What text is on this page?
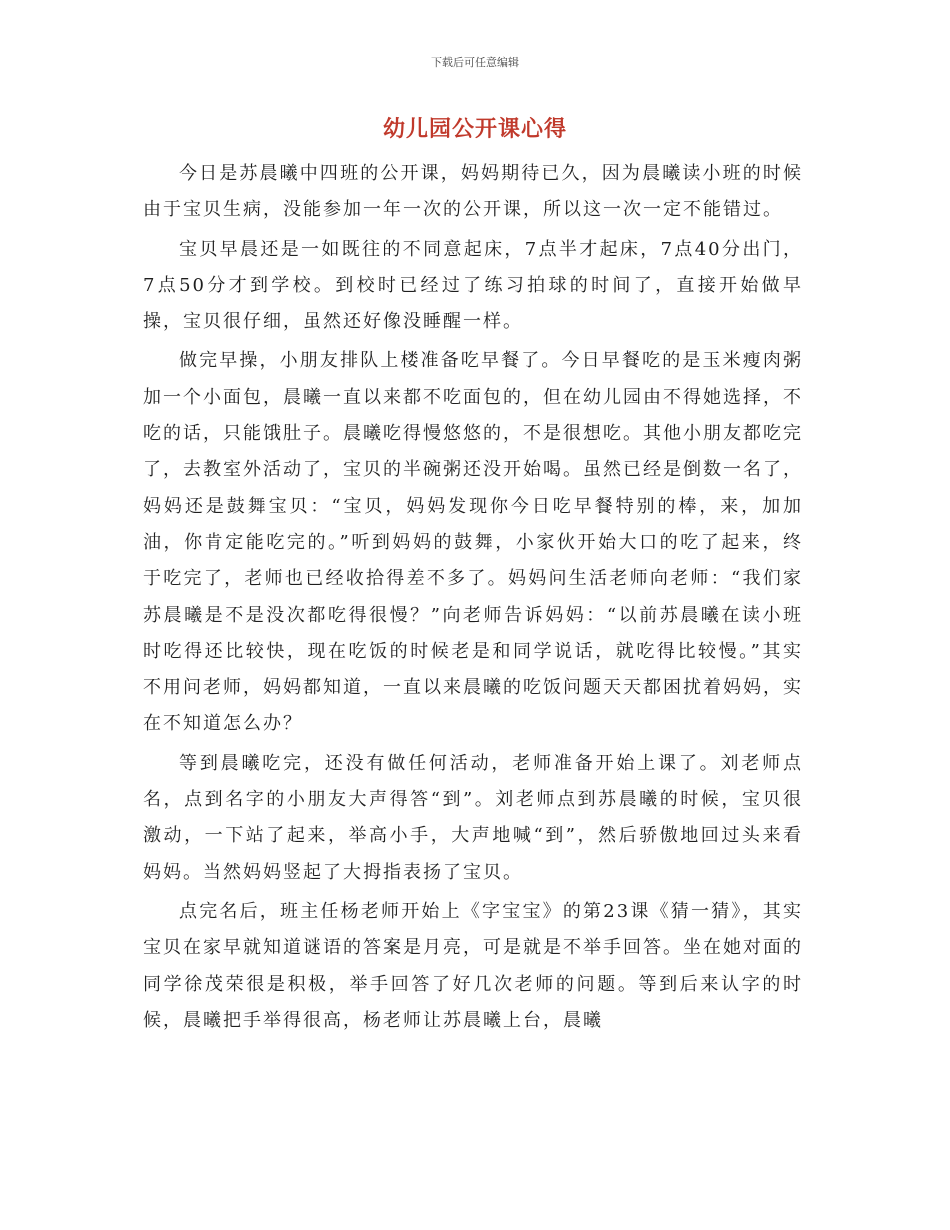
下载后可任意编辑
幼儿园公开课心得

今日是苏晨曦中四班的公开课，妈妈期待已久，因为晨曦读小班的时候由于宝贝生病，没能参加一年一次的公开课，所以这一次一定不能错过。

宝贝早晨还是一如既往的不同意起床，7点半才起床，7点40分出门，7点50分才到学校。到校时已经过了练习拍球的时间了，直接开始做早操，宝贝很仔细，虽然还好像没睡醒一样。

做完早操，小朋友排队上楼准备吃早餐了。今日早餐吃的是玉米瘦肉粥加一个小面包，晨曦一直以来都不吃面包的，但在幼儿园由不得她选择，不吃的话，只能饿肚子。晨曦吃得慢悠悠的，不是很想吃。其他小朋友都吃完了，去教室外活动了，宝贝的半碗粥还没开始喝。虽然已经是倒数一名了，妈妈还是鼓舞宝贝：“宝贝，妈妈发现你今日吃早餐特别的棒，来，加加油，你肯定能吃完的。”听到妈妈的鼓舞，小家伙开始大口的吃了起来，终于吃完了，老师也已经收拾得差不多了。妈妈问生活老师向老师：“我们家苏晨曦是不是没次都吃得很慢？”向老师告诉妈妈：“以前苏晨曦在读小班时吃得还比较快，现在吃饭的时候老是和同学说话，就吃得比较慢。”其实不用问老师，妈妈都知道，一直以来晨曦的吃饭问题天天都困扰着妈妈，实在不知道怎么办？

等到晨曦吃完，还没有做任何活动，老师准备开始上课了。刘老师点名，点到名字的小朋友大声得答“到”。刘老师点到苏晨曦的时候，宝贝很激动，一下站了起来，举高小手，大声地喊“到”，然后骄傲地回过头来看妈妈。当然妈妈竖起了大拇指表扬了宝贝。

点完名后，班主任杨老师开始上《字宝宝》的第23课《猜一猜》，其实宝贝在家早就知道谜语的答案是月亮，可是就是不举手回答。坐在她对面的同学徐茂荣很是积极，举手回答了好几次老师的问题。等到后来认字的时候，晨曦把手举得很高，杨老师让苏晨曦上台，晨曦
